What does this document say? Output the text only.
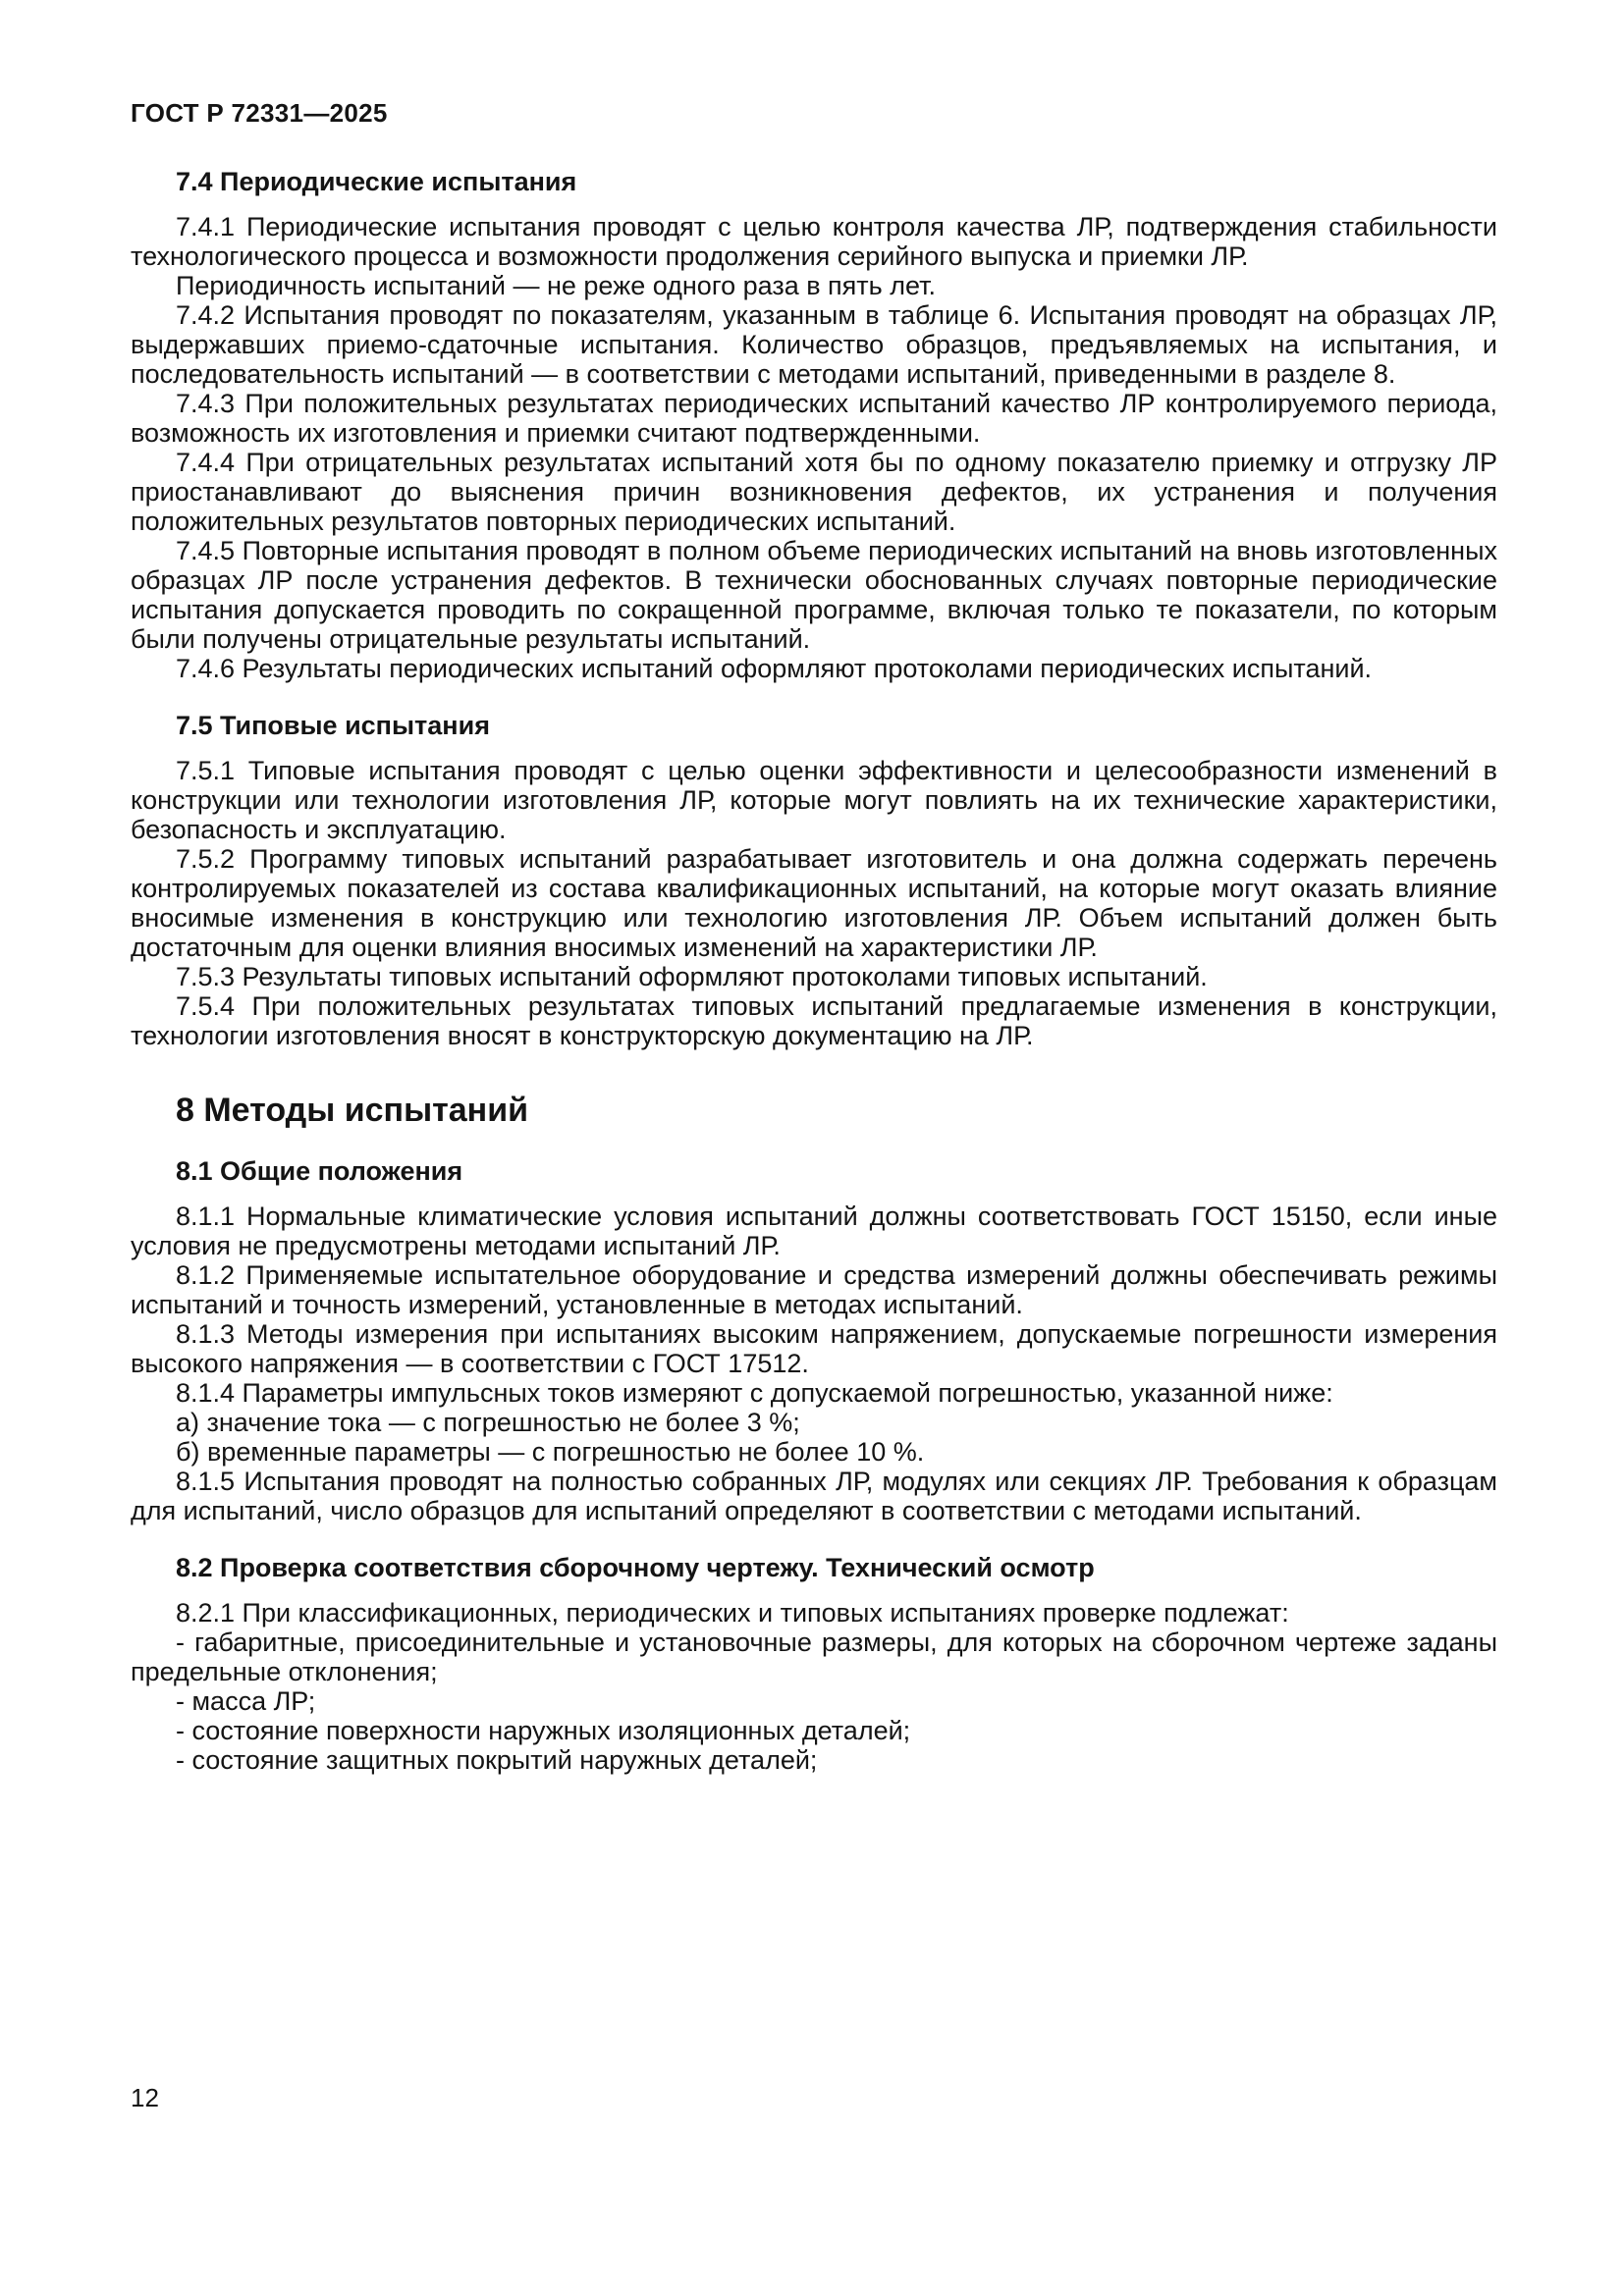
ГОСТ Р 72331—2025
7.4 Периодические испытания

7.4.1 Периодические испытания проводят с целью контроля качества ЛР, подтверждения стабильности технологического процесса и возможности продолжения серийного выпуска и приемки ЛР.

Периодичность испытаний — не реже одного раза в пять лет.

7.4.2 Испытания проводят по показателям, указанным в таблице 6. Испытания проводят на образцах ЛР, выдержавших приемо-сдаточные испытания. Количество образцов, предъявляемых на испытания, и последовательность испытаний — в соответствии с методами испытаний, приведенными в разделе 8.

7.4.3 При положительных результатах периодических испытаний качество ЛР контролируемого периода, возможность их изготовления и приемки считают подтвержденными.

7.4.4 При отрицательных результатах испытаний хотя бы по одному показателю приемку и отгрузку ЛР приостанавливают до выяснения причин возникновения дефектов, их устранения и получения положительных результатов повторных периодических испытаний.

7.4.5 Повторные испытания проводят в полном объеме периодических испытаний на вновь изготовленных образцах ЛР после устранения дефектов. В технически обоснованных случаях повторные периодические испытания допускается проводить по сокращенной программе, включая только те показатели, по которым были получены отрицательные результаты испытаний.

7.4.6 Результаты периодических испытаний оформляют протоколами периодических испытаний.

7.5 Типовые испытания

7.5.1 Типовые испытания проводят с целью оценки эффективности и целесообразности изменений в конструкции или технологии изготовления ЛР, которые могут повлиять на их технические характеристики, безопасность и эксплуатацию.

7.5.2 Программу типовых испытаний разрабатывает изготовитель и она должна содержать перечень контролируемых показателей из состава квалификационных испытаний, на которые могут оказать влияние вносимые изменения в конструкцию или технологию изготовления ЛР. Объем испытаний должен быть достаточным для оценки влияния вносимых изменений на характеристики ЛР.

7.5.3 Результаты типовых испытаний оформляют протоколами типовых испытаний.

7.5.4 При положительных результатах типовых испытаний предлагаемые изменения в конструкции, технологии изготовления вносят в конструкторскую документацию на ЛР.

8 Методы испытаний
8.1 Общие положения

8.1.1 Нормальные климатические условия испытаний должны соответствовать ГОСТ 15150, если иные условия не предусмотрены методами испытаний ЛР.

8.1.2 Применяемые испытательное оборудование и средства измерений должны обеспечивать режимы испытаний и точность измерений, установленные в методах испытаний.

8.1.3 Методы измерения при испытаниях высоким напряжением, допускаемые погрешности измерения высокого напряжения — в соответствии с ГОСТ 17512.

8.1.4 Параметры импульсных токов измеряют с допускаемой погрешностью, указанной ниже:

а) значение тока — с погрешностью не более 3 %;

б) временные параметры — с погрешностью не более 10 %.

8.1.5 Испытания проводят на полностью собранных ЛР, модулях или секциях ЛР. Требования к образцам для испытаний, число образцов для испытаний определяют в соответствии с методами испытаний.

8.2 Проверка соответствия сборочному чертежу. Технический осмотр

8.2.1 При классификационных, периодических и типовых испытаниях проверке подлежат:

- габаритные, присоединительные и установочные размеры, для которых на сборочном чертеже заданы предельные отклонения;

- масса ЛР;

- состояние поверхности наружных изоляционных деталей;

- состояние защитных покрытий наружных деталей;

12
